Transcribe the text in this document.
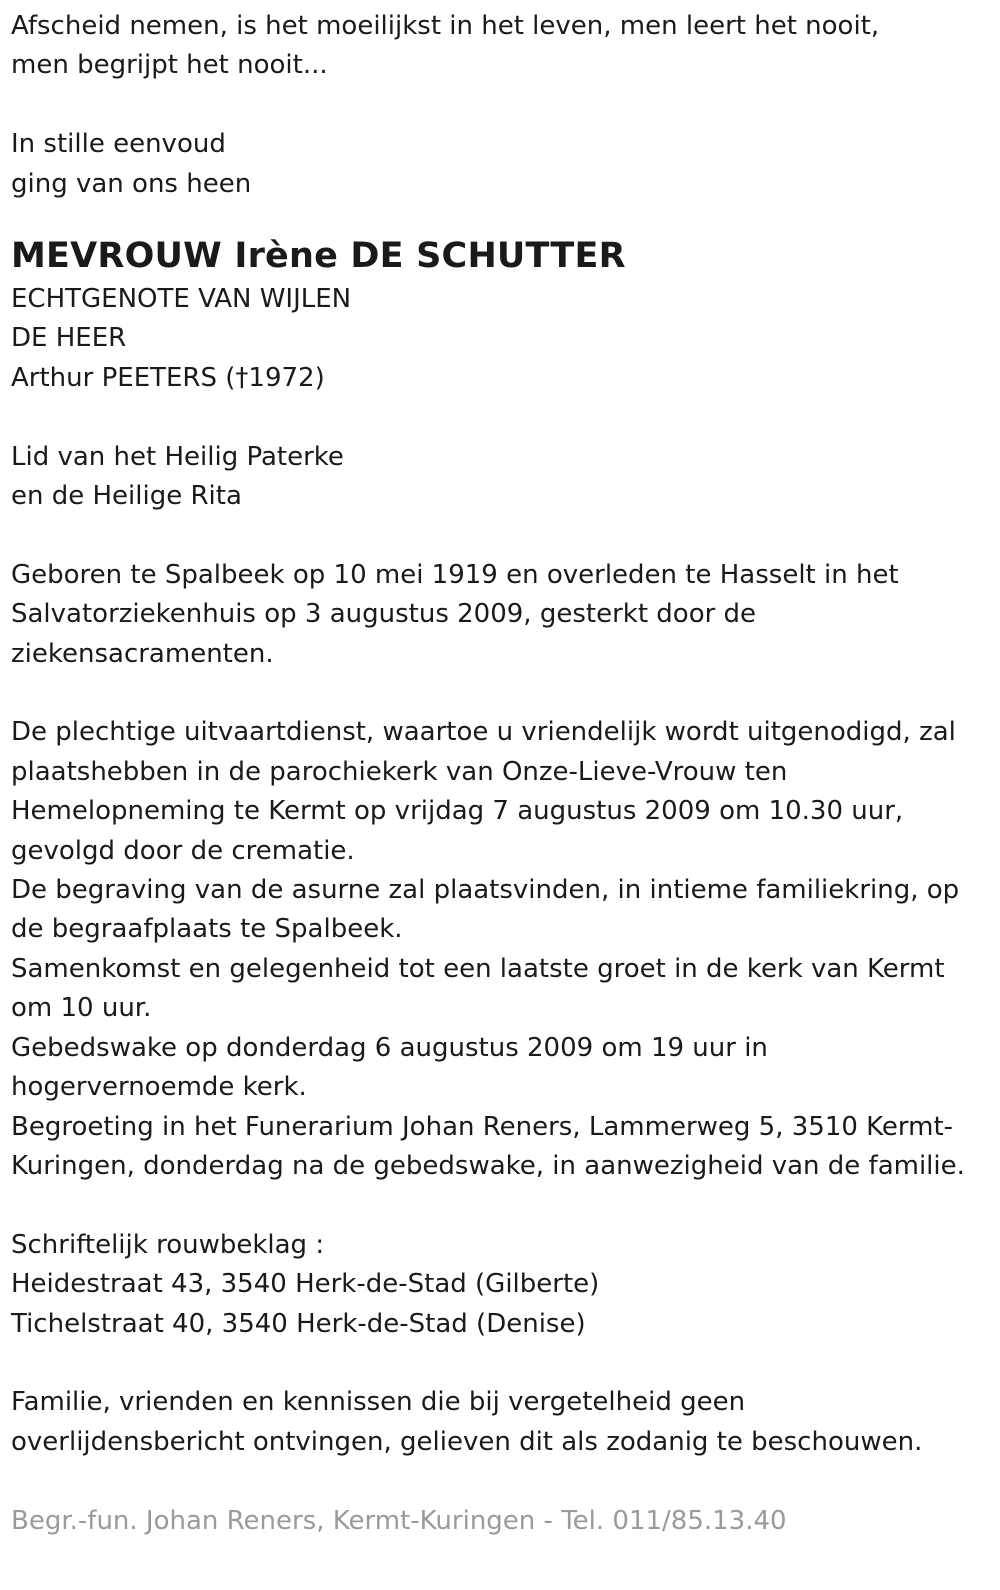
Afscheid nemen, is het moeilijkst in het leven, men leert het nooit,
men begrijpt het nooit...
In stille eenvoud
ging van ons heen
MEVROUW Irène DE SCHUTTER
ECHTGENOTE VAN WIJLEN
DE HEER
Arthur PEETERS (†1972)
Lid van het Heilig Paterke
en de Heilige Rita
Geboren te Spalbeek op 10 mei 1919 en overleden te Hasselt in het
Salvatorziekenhuis op 3 augustus 2009, gesterkt door de
ziekensacramenten.
De plechtige uitvaartdienst, waartoe u vriendelijk wordt uitgenodigd, zal
plaatshebben in de parochiekerk van Onze-Lieve-Vrouw ten
Hemelopneming te Kermt op vrijdag 7 augustus 2009 om 10.30 uur,
gevolgd door de crematie.
De begraving van de asurne zal plaatsvinden, in intieme familiekring, op
de begraafplaats te Spalbeek.
Samenkomst en gelegenheid tot een laatste groet in de kerk van Kermt
om 10 uur.
Gebedswake op donderdag 6 augustus 2009 om 19 uur in
hogervernoemde kerk.
Begroeting in het Funerarium Johan Reners, Lammerweg 5, 3510 Kermt-
Kuringen, donderdag na de gebedswake, in aanwezigheid van de familie.
Schriftelijk rouwbeklag :
Heidestraat 43, 3540 Herk-de-Stad (Gilberte)
Tichelstraat 40, 3540 Herk-de-Stad (Denise)
Familie, vrienden en kennissen die bij vergetelheid geen
overlijdensbericht ontvingen, gelieven dit als zodanig te beschouwen.
Begr.-fun. Johan Reners, Kermt-Kuringen - Tel. 011/85.13.40
